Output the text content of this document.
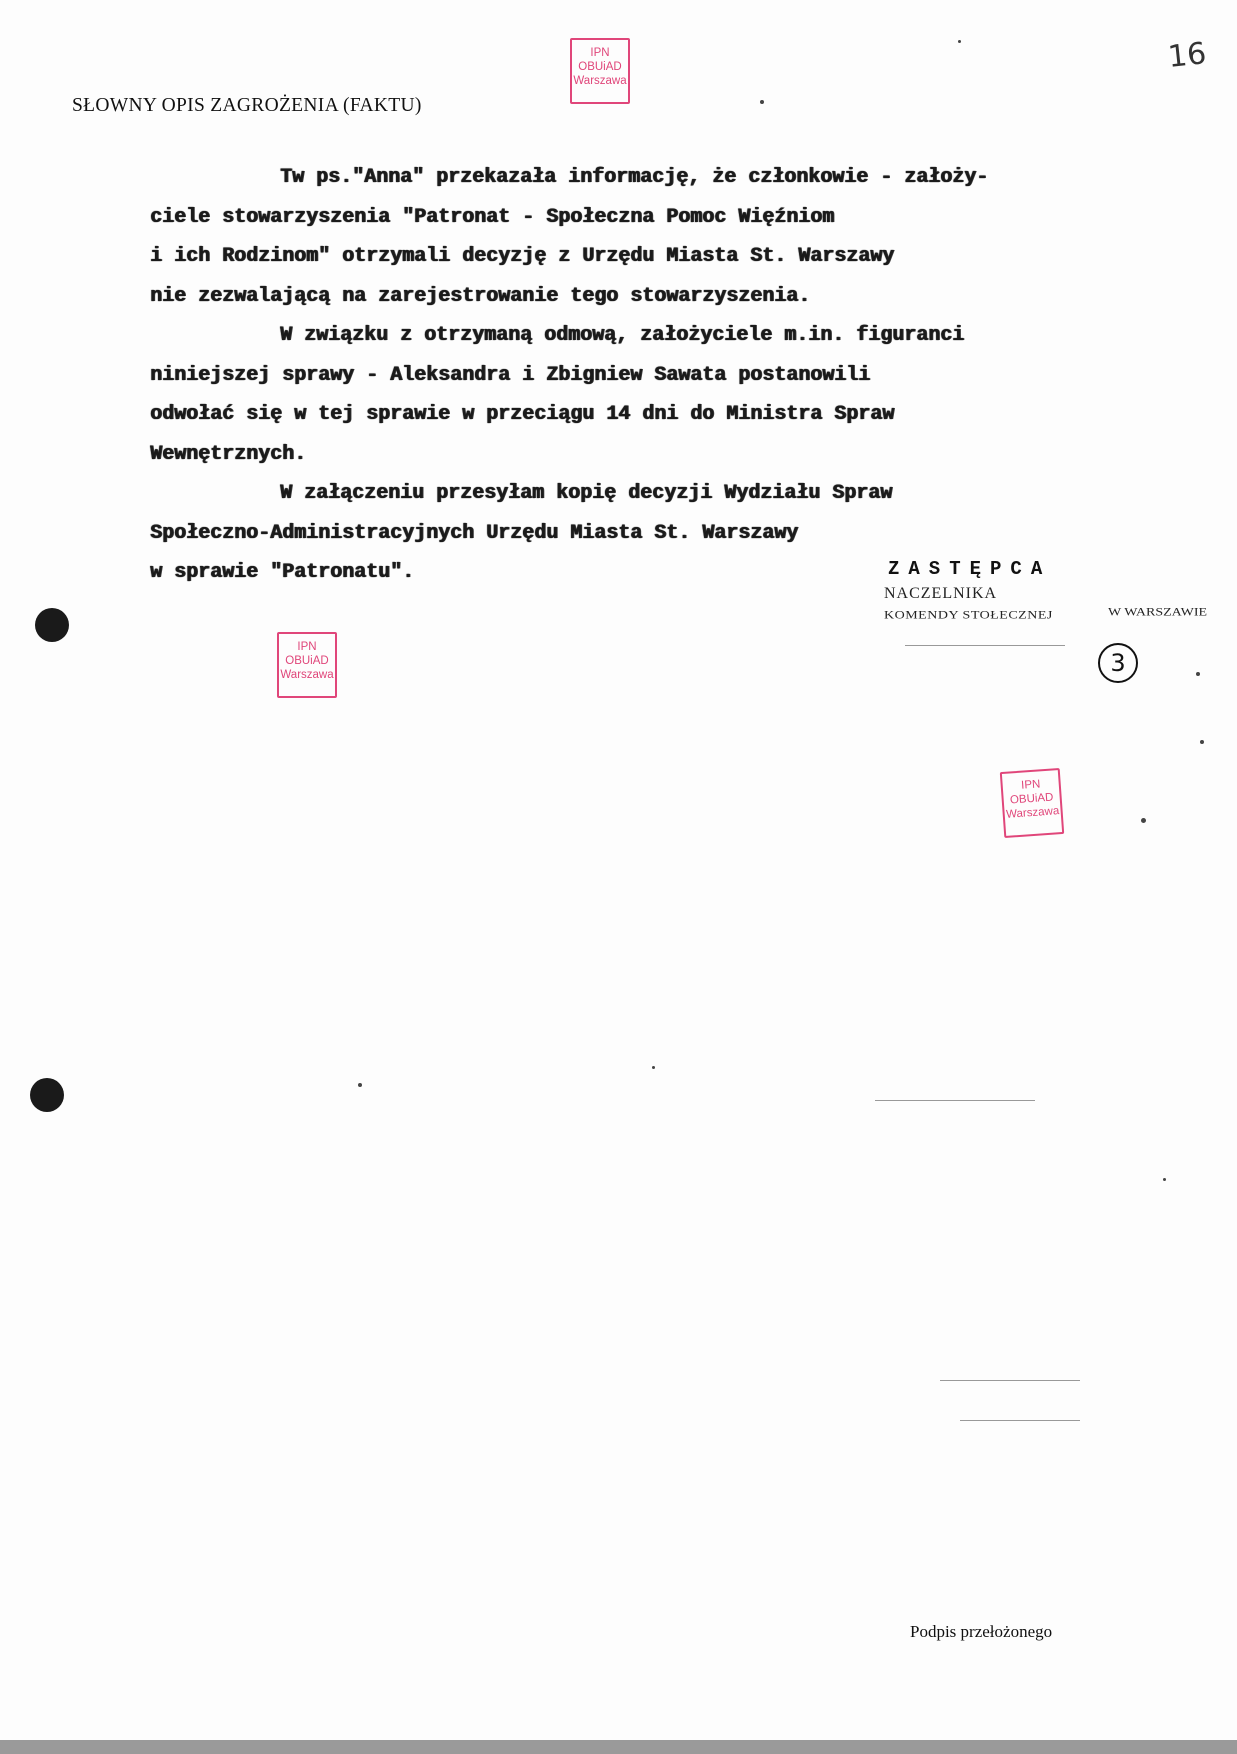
16
SŁOWNY OPIS ZAGROŻENIA (FAKTU)
IPN
OBUiAD
Warszawa
Tw ps."Anna" przekazała informację, że członkowie - założy-
ciele stowarzyszenia "Patronat - Społeczna Pomoc Więźniom
i ich Rodzinom" otrzymali decyzję z Urzędu Miasta St. Warszawy
nie zezwalającą na zarejestrowanie tego stowarzyszenia.
W związku z otrzymaną odmową, założyciele m.in. figuranci
niniejszej sprawy - Aleksandra i Zbigniew Sawata postanowili
odwołać się w tej sprawie w przeciągu 14 dni do Ministra Spraw
Wewnętrznych.
W załączeniu przesyłam kopię decyzji Wydziału Spraw
Społeczno-Administracyjnych Urzędu Miasta St. Warszawy
w sprawie "Patronatu".	ZASTĘPCA
NACZELNIKA
KOMENDY STOŁECZNEJ	W WARSZAWIE
3
IPN
OBUiAD
Warszawa
IPN
OBUiAD
Warszawa
Podpis przełożonego
